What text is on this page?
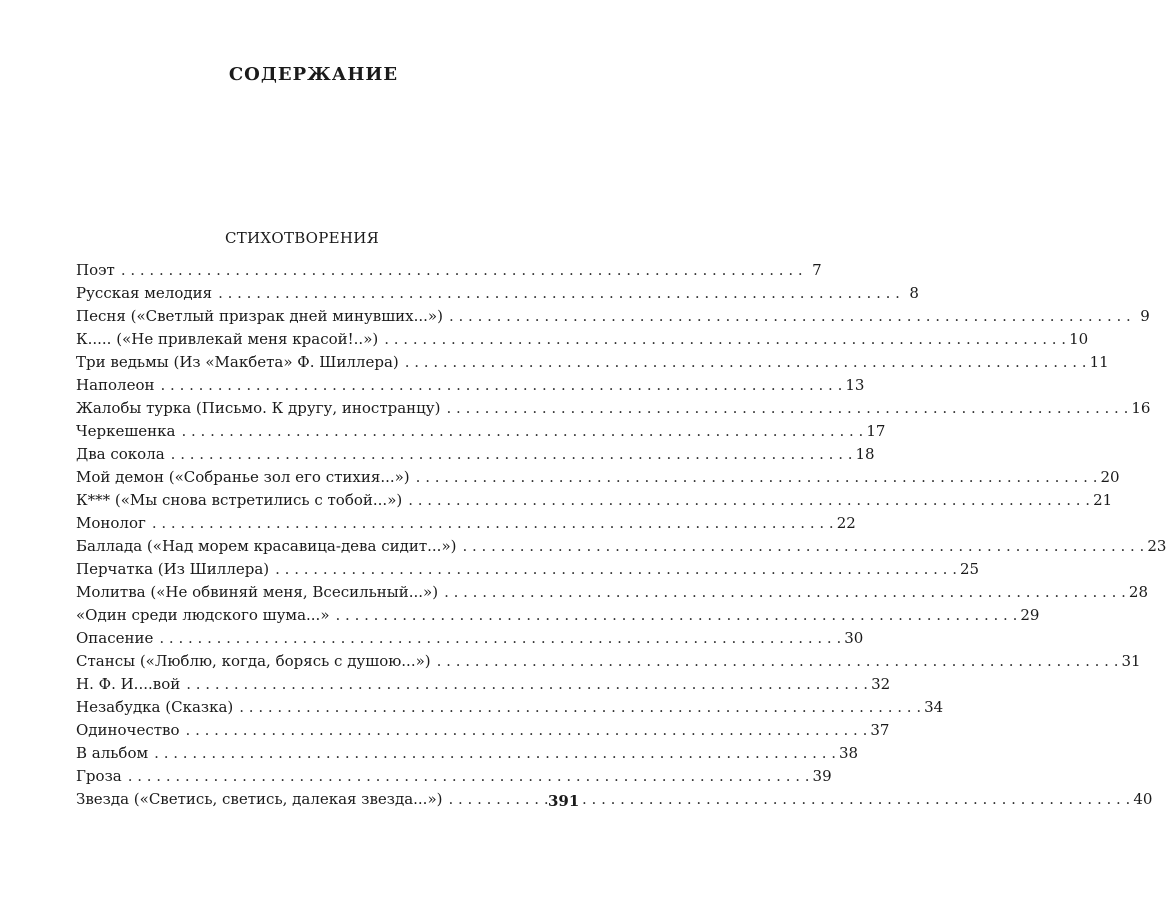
СОДЕРЖАНИЕ
СТИХОТВОРЕНИЯ
Поэт . . .	7
Русская мелодия . . .	8
Песня («Светлый призрак дней минувших...») . . .	9
К..... («Не привлекай меня красой!..») . . .	10
Три ведьмы (Из «Макбета» Ф. Шиллера) . . .	11
Наполеон . . .	13
Жалобы турка (Письмо. К другу, иностранцу) . . .	16
Черкешенка . . .	17
Два сокола . . .	18
Мой демон («Собранье зол его стихия...») . . .	20
К*** («Мы снова встретились с тобой...») . . .	21
Монолог . . .	22
Баллада («Над морем красавица-дева сидит...») . . .	23
Перчатка (Из Шиллера) . . .	25
Молитва («Не обвиняй меня, Всесильный...») . . .	28
«Один среди людского шума...» . . .	29
Опасение . . .	30
Стансы («Люблю, когда, борясь с душою...») . . .	31
Н. Ф. И....вой . . .	32
Незабудка (Сказка) . . .	34
Одиночество . . .	37
В альбом . . .	38
Гроза . . .	39
Звезда («Светись, светись, далекая звезда...») . . .	40
391
